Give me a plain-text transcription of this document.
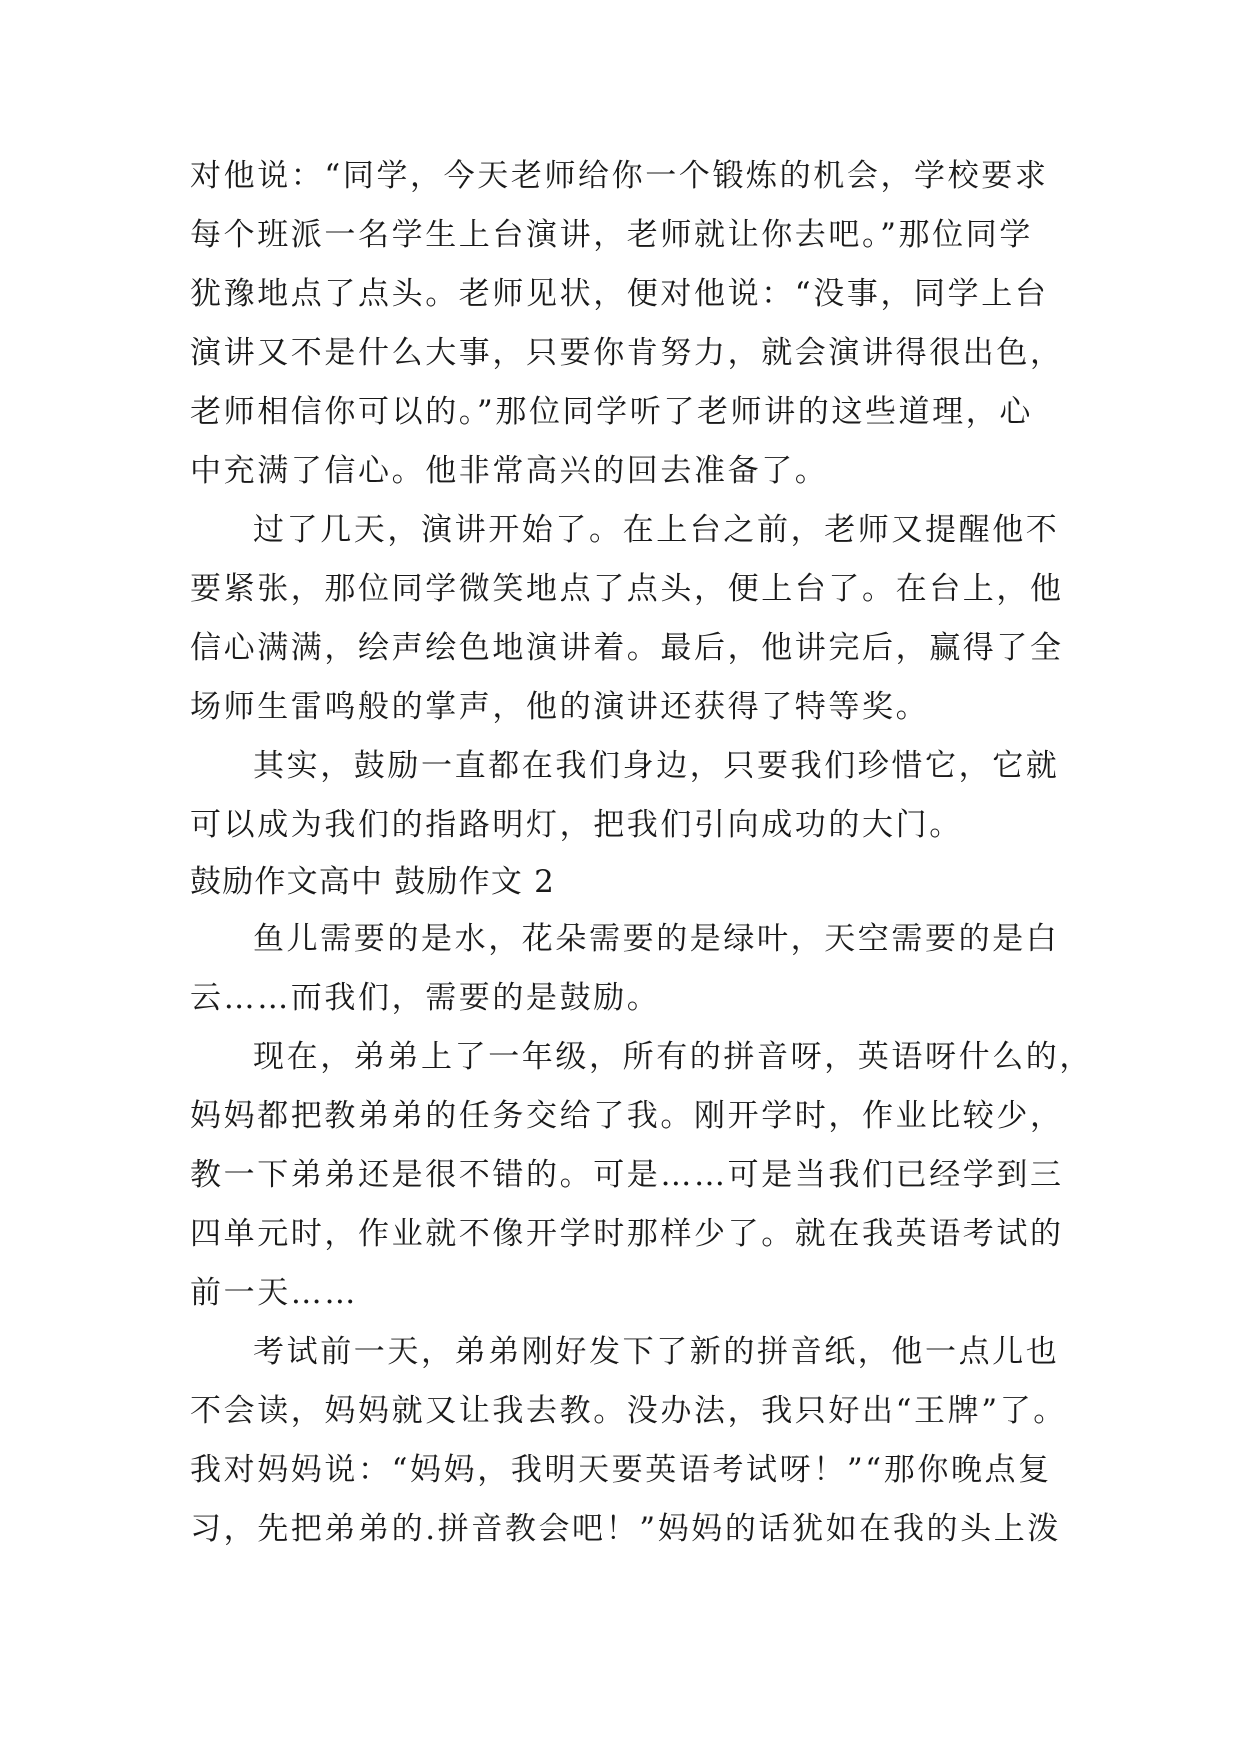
对他说：“同学，今天老师给你一个锻炼的机会，学校要求

每个班派一名学生上台演讲，老师就让你去吧。”那位同学

犹豫地点了点头。老师见状，便对他说：“没事，同学上台

演讲又不是什么大事，只要你肯努力，就会演讲得很出色，

老师相信你可以的。”那位同学听了老师讲的这些道理，心

中充满了信心。他非常高兴的回去准备了。

过了几天，演讲开始了。在上台之前，老师又提醒他不

要紧张，那位同学微笑地点了点头，便上台了。在台上，他

信心满满，绘声绘色地演讲着。最后，他讲完后，赢得了全

场师生雷鸣般的掌声，他的演讲还获得了特等奖。

其实，鼓励一直都在我们身边，只要我们珍惜它，它就

可以成为我们的指路明灯，把我们引向成功的大门。

鼓励作文高中 鼓励作文 2

鱼儿需要的是水，花朵需要的是绿叶，天空需要的是白

云……而我们，需要的是鼓励。

现在，弟弟上了一年级，所有的拼音呀，英语呀什么的，

妈妈都把教弟弟的任务交给了我。刚开学时，作业比较少，

教一下弟弟还是很不错的。可是……可是当我们已经学到三

四单元时，作业就不像开学时那样少了。就在我英语考试的

前一天……

考试前一天，弟弟刚好发下了新的拼音纸，他一点儿也

不会读，妈妈就又让我去教。没办法，我只好出“王牌”了。

我对妈妈说：“妈妈，我明天要英语考试呀！”“那你晚点复

习，先把弟弟的.拼音教会吧！”妈妈的话犹如在我的头上泼
